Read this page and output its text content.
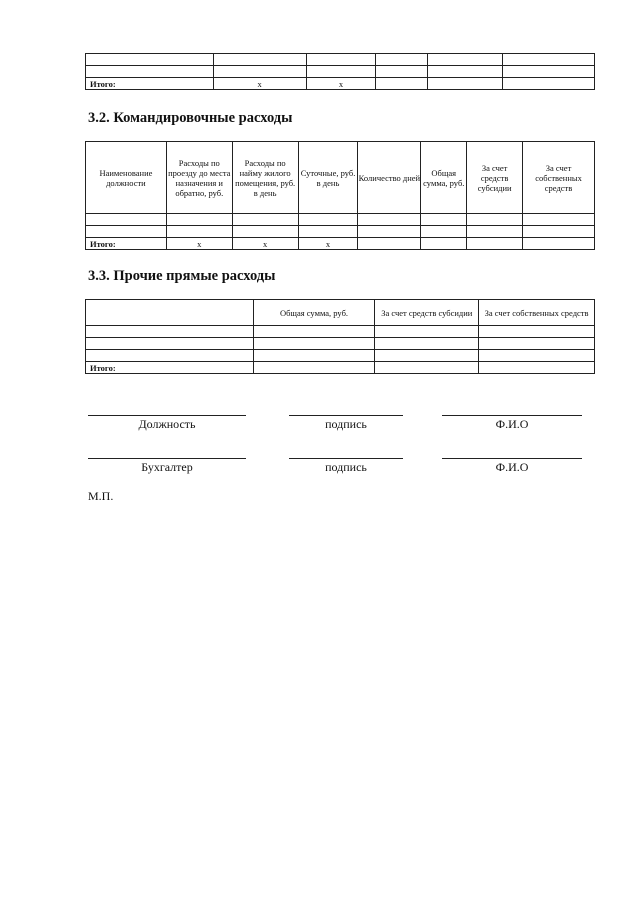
Итого:	x	x			
3.2. Командировочные расходы
Наименование должности	Расходы по проезду до места назначения и обратно, руб.	Расходы по найму жилого помещения, руб. в день	Суточные, руб. в день	Количество дней	Общая сумма, руб.	За счет средств субсидии	За счет собственных средств

Итого:	x	x	x				
3.3. Прочие прямые расходы
	Общая сумма, руб.	За счет средств субсидии	За счет собственных средств

Итого:			
Должность	подпись	Ф.И.О
Бухгалтер	подпись	Ф.И.О
М.П.
